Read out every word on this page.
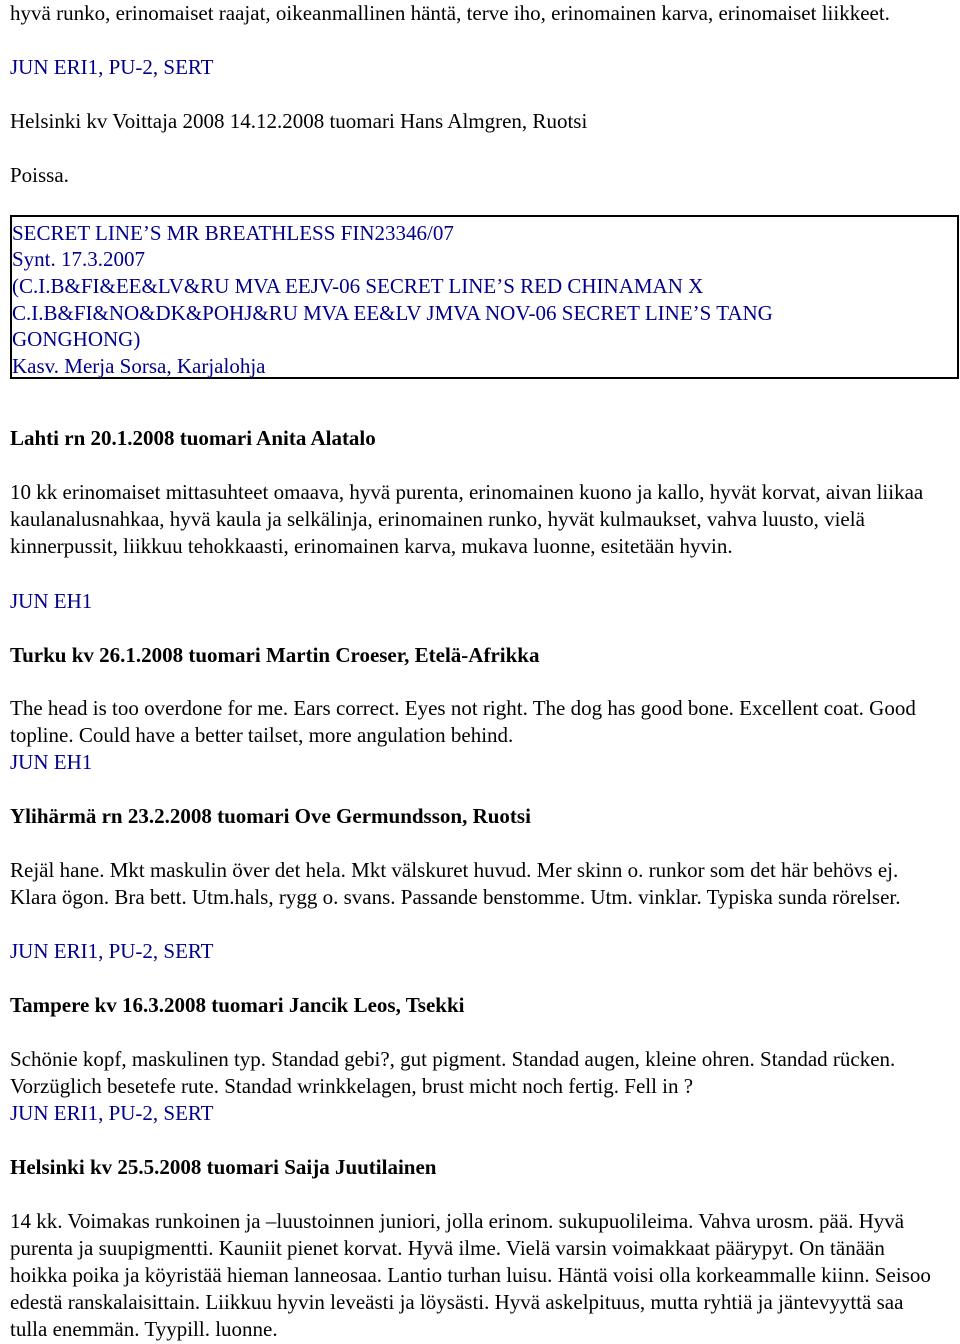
hyvä runko, erinomaiset raajat, oikeanmallinen häntä, terve iho, erinomainen karva, erinomaiset liikkeet.

JUN ERI1, PU-2, SERT
Helsinki kv Voittaja 2008 14.12.2008 tuomari Hans Almgren, Ruotsi
Poissa.
SECRET LINE’S MR BREATHLESS FIN23346/07
Synt. 17.3.2007
(C.I.B&FI&EE&LV&RU MVA EEJV-06 SECRET LINE’S RED CHINAMAN X
C.I.B&FI&NO&DK&POHJ&RU MVA EE&LV JMVA NOV-06 SECRET LINE’S TANG
GONGHONG)
Kasv. Merja Sorsa, Karjalohja
Lahti rn 20.1.2008 tuomari Anita Alatalo

10 kk erinomaiset mittasuhteet omaava, hyvä purenta, erinomainen kuono ja kallo, hyvät korvat, aivan liikaa kaulanalusnahkaa, hyvä kaula ja selkälinja, erinomainen runko, hyvät kulmaukset, vahva luusto, vielä kinnerpussit, liikkuu tehokkaasti, erinomainen karva, mukava luonne, esitetään hyvin.

JUN EH1
Turku kv 26.1.2008 tuomari Martin Croeser, Etelä-Afrikka

The head is too overdone for me. Ears correct. Eyes not right. The dog has good bone. Excellent coat. Good topline. Could have a better tailset, more angulation behind.

JUN EH1
Ylihärmä rn 23.2.2008 tuomari Ove Germundsson, Ruotsi

Rejäl hane. Mkt maskulin över det hela. Mkt välskuret huvud. Mer skinn o. runkor som det här behövs ej. Klara ögon. Bra bett. Utm.hals, rygg o. svans. Passande benstomme. Utm. vinklar. Typiska sunda rörelser.

JUN ERI1, PU-2, SERT
Tampere kv 16.3.2008 tuomari Jancik Leos, Tsekki

Schönie kopf, maskulinen typ. Standad gebi?, gut pigment. Standad augen, kleine ohren. Standad rücken. Vorzüglich besetefe rute. Standad wrinkkelagen, brust micht noch fertig. Fell in ?

JUN ERI1, PU-2, SERT
Helsinki kv 25.5.2008 tuomari Saija Juutilainen

14 kk. Voimakas runkoinen ja –luustoinnen juniori, jolla erinom. sukupuolileima. Vahva urosm. pää. Hyvä purenta ja suupigmentti. Kauniit pienet korvat. Hyvä ilme. Vielä varsin voimakkaat päärypyt. On tänään hoikka poika ja köyristää hieman lanneosaa. Lantio turhan luisu. Häntä voisi olla korkeammalle kiinn. Seisoo edestä ranskalaisittain. Liikkuu hyvin leveästi ja löysästi. Hyvä askelpituus, mutta ryhtiä ja jäntevyyttä saa tulla enemmän. Tyypill. luonne.
